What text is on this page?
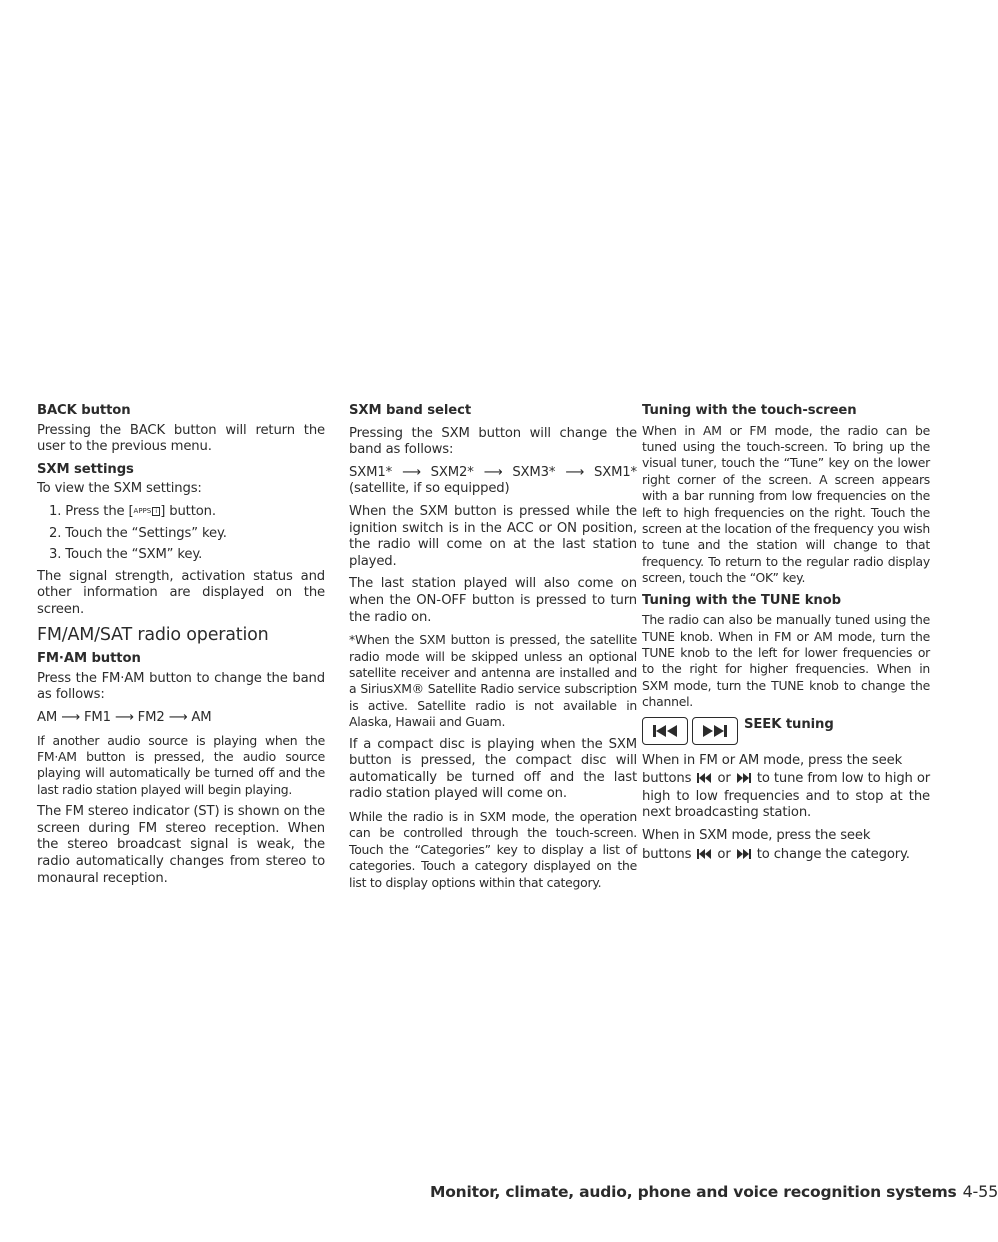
BACK button

Pressing the BACK button will return the user to the previous menu.

SXM settings

To view the SXM settings:

1. Press the [APPS i ] button.
2. Touch the “Settings” key.
3. Touch the “SXM” key.

The signal strength, activation status and other information are displayed on the screen.

FM/AM/SAT radio operation
FM·AM button

Press the FM·AM button to change the band as follows:

AM ⟶ FM1 ⟶ FM2 ⟶ AM

If another audio source is playing when the FM·AM button is pressed, the audio source playing will automatically be turned off and the last radio station played will begin playing.

The FM stereo indicator (ST) is shown on the screen during FM stereo reception. When the stereo broadcast signal is weak, the radio automatically changes from stereo to monaural reception.

SXM band select

Pressing the SXM button will change the band as follows:

SXM1* ⟶ SXM2* ⟶ SXM3* ⟶ SXM1* (satellite, if so equipped)

When the SXM button is pressed while the ignition switch is in the ACC or ON position, the radio will come on at the last station played.

The last station played will also come on when the ON-OFF button is pressed to turn the radio on.

*When the SXM button is pressed, the satellite radio mode will be skipped unless an optional satellite receiver and antenna are installed and a SiriusXM® Satellite Radio service subscription is active. Satellite radio is not available in Alaska, Hawaii and Guam.

If a compact disc is playing when the SXM button is pressed, the compact disc will automatically be turned off and the last radio station played will come on.

While the radio is in SXM mode, the operation can be controlled through the touch-screen. Touch the “Categories” key to display a list of categories. Touch a category displayed on the list to display options within that category.

Tuning with the touch-screen

When in AM or FM mode, the radio can be tuned using the touch-screen. To bring up the visual tuner, touch the “Tune” key on the lower right corner of the screen. A screen appears with a bar running from low frequencies on the left to high frequencies on the right. Touch the screen at the location of the frequency you wish to tune and the station will change to that frequency. To return to the regular radio display screen, touch the “OK” key.

Tuning with the TUNE knob

The radio can also be manually tuned using the TUNE knob. When in FM or AM mode, turn the TUNE knob to the left for lower frequencies or to the right for higher frequencies. When in SXM mode, turn the TUNE knob to change the channel.

SEEK tuning

When in FM or AM mode, press the seek

buttons or to tune from low to high or high to low frequencies and to stop at the next broadcasting station.

When in SXM mode, press the seek

buttons or to change the category.

Monitor, climate, audio, phone and voice recognition systems 4-55
